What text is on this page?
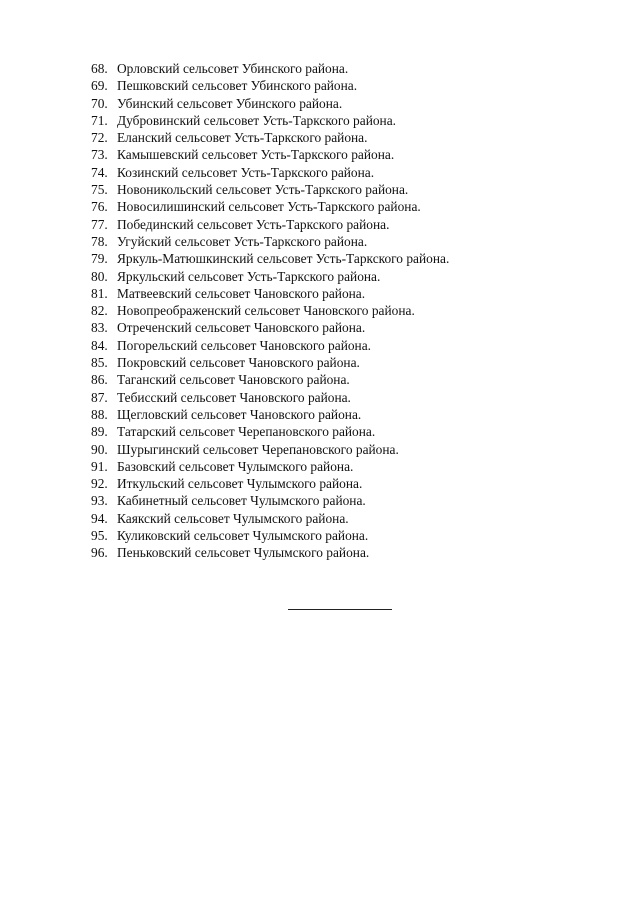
68. Орловский сельсовет Убинского района.
69. Пешковский сельсовет Убинского района.
70. Убинский сельсовет Убинского района.
71. Дубровинский сельсовет Усть-Таркского района.
72. Еланский сельсовет Усть-Таркского района.
73. Камышевский сельсовет Усть-Таркского района.
74. Козинский сельсовет Усть-Таркского района.
75. Новоникольский сельсовет Усть-Таркского района.
76. Новосилишинский сельсовет Усть-Таркского района.
77. Побединский сельсовет Усть-Таркского района.
78. Угуйский сельсовет Усть-Таркского района.
79. Яркуль-Матюшкинский сельсовет Усть-Таркского района.
80. Яркульский сельсовет Усть-Таркского района.
81. Матвеевский сельсовет Чановского района.
82. Новопреображенский сельсовет Чановского района.
83. Отреченский сельсовет Чановского района.
84. Погорельский сельсовет Чановского района.
85. Покровский сельсовет Чановского района.
86. Таганский сельсовет Чановского района.
87. Тебисский сельсовет Чановского района.
88. Щегловский сельсовет Чановского района.
89. Татарский сельсовет Черепановского района.
90. Шурыгинский сельсовет Черепановского района.
91. Базовский сельсовет Чулымского района.
92. Иткульский сельсовет Чулымского района.
93. Кабинетный сельсовет Чулымского района.
94. Каякский сельсовет Чулымского района.
95. Куликовский сельсовет Чулымского района.
96. Пеньковский сельсовет Чулымского района.
